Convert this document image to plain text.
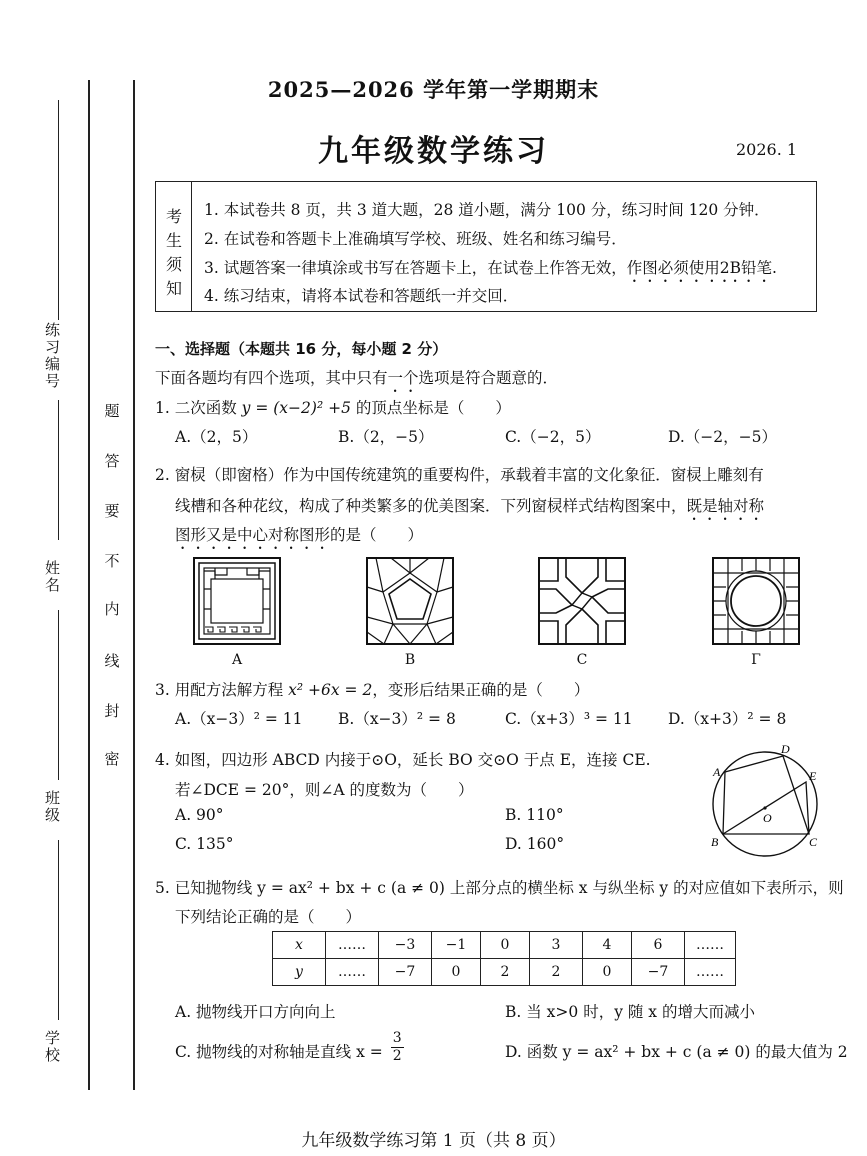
练习编号
姓名
班级
学校
密
封
线
内
不
要
答
题
2025—2026 学年第一学期期末
九年级数学练习	2026. 1
考
生
须
知
1. 本试卷共 8 页，共 3 道大题，28 道小题，满分 100 分，练习时间 120 分钟．
2. 在试卷和答题卡上准确填写学校、班级、姓名和练习编号．
3. 试题答案一律填涂或书写在答题卡上，在试卷上作答无效，作图必须使用2B铅笔.
4. 练习结束，请将本试卷和答题纸一并交回．
一、选择题（本题共 16 分，每小题 2 分）
下面各题均有四个选项，其中只有一个选项是符合题意的．
1. 二次函数 y = (x−2)² +5 的顶点坐标是（　　）
A.（2，5）	B.（2，−5）	C.（−2，5）	D.（−2，−5）
2. 窗棂（即窗格）作为中国传统建筑的重要构件，承载着丰富的文化象征．窗棂上雕刻有
线槽和各种花纹，构成了种类繁多的优美图案．下列窗棂样式结构图案中，既是轴对称
图形又是中心对称图形的是（　　）
A	B	C	Γ
3. 用配方法解方程 x² +6x = 2，变形后结果正确的是（　　）
A.（x−3）² = 11 B.（x−3）² = 8	C.（x+3）³ = 11 D.（x+3）² = 8
4. 如图，四边形 ABCD 内接于⊙O，延长 BO 交⊙O 于点 E，连接 CE.
若∠DCE = 20°，则∠A 的度数为（　　）
A. 90°	B. 110°
C. 135°	D. 160°
A
D
E
O
B	C
5. 已知抛物线 y = ax² + bx + c (a ≠ 0) 上部分点的横坐标 x 与纵坐标 y 的对应值如下表所示，则
下列结论正确的是（　　）
x	……	−3	−1	0	3	4	6	……
y	……	−7	0	2	2	0	−7	……
A. 抛物线开口方向向上	B. 当 x>0 时，y 随 x 的增大而减小
C. 抛物线的对称轴是直线 $x = \frac{3}{2}$	D. 函数 y = ax² + bx + c (a ≠ 0) 的最大值为 2
九年级数学练习第 1 页（共 8 页）
